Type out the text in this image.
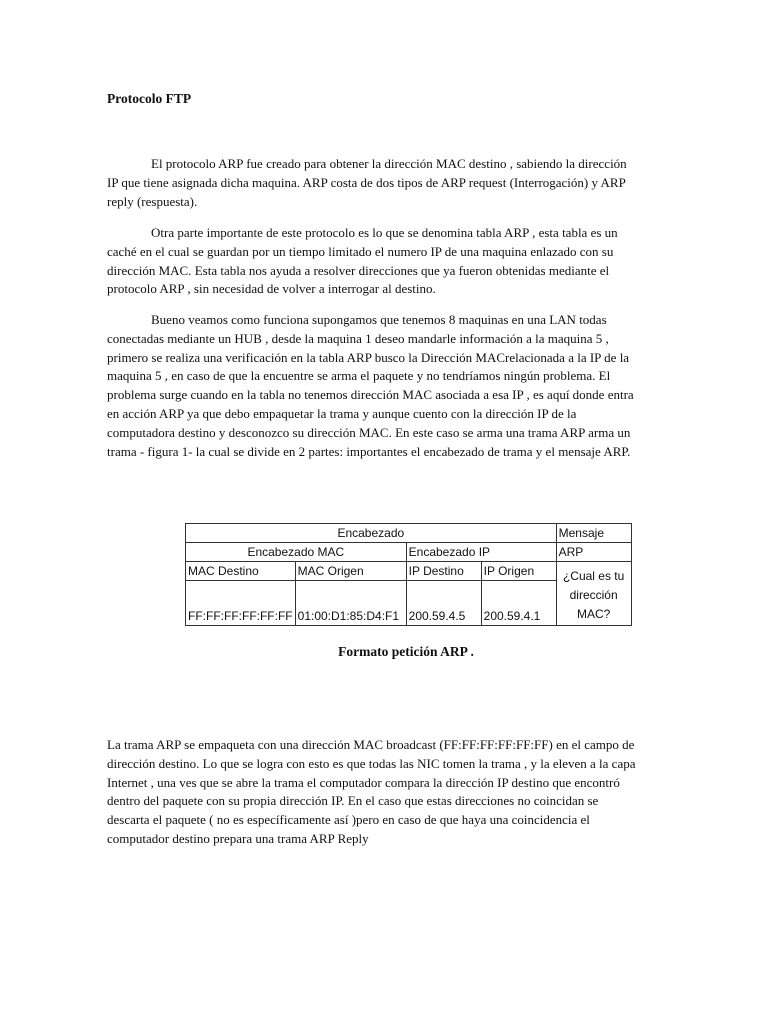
Protocolo FTP

El protocolo ARP fue creado para obtener la dirección MAC destino , sabiendo la dirección IP que tiene asignada dicha maquina. ARP costa de dos tipos de ARP request (Interrogación) y ARP reply (respuesta).

Otra parte importante de este protocolo es lo que se denomina tabla ARP , esta tabla es un caché en el cual se guardan por un tiempo limitado el numero IP de una maquina enlazado con su dirección MAC. Esta tabla nos ayuda a resolver direcciones que ya fueron obtenidas mediante el protocolo ARP , sin necesidad de volver a interrogar al destino.

Bueno veamos como funciona supongamos que tenemos 8 maquinas en una LAN todas conectadas mediante un HUB , desde la maquina 1 deseo mandarle información a la maquina 5 , primero se realiza una verificación en la tabla ARP busco la Dirección MACrelacionada a la IP de la maquina 5 , en caso de que la encuentre se arma el paquete y no tendríamos ningún problema. El problema surge cuando en la tabla no tenemos dirección MAC asociada a esa IP , es aquí donde entra en acción ARP ya que debo empaquetar la trama y aunque cuento con la dirección IP de la computadora destino y desconozco su dirección MAC. En este caso se arma una trama ARP arma un trama - figura 1- la cual se divide en 2 partes: importantes el encabezado de trama y el mensaje ARP.

Encabezado				Mensaje
Encabezado MAC		Encabezado IP		ARP
MAC Destino	MAC Origen	IP Destino	IP Origen	¿Cual es tu dirección MAC?
FF:FF:FF:FF:FF:FF	01:00:D1:85:D4:F1	200.59.4.5	200.59.4.1	

Formato petición ARP .

La trama ARP se empaqueta con una dirección MAC broadcast (FF:FF:FF:FF:FF:FF) en el campo de dirección destino. Lo que se logra con esto es que todas las NIC tomen la trama , y la eleven a la capa Internet , una ves que se abre la trama el computador compara la dirección IP destino que encontró dentro del paquete con su propia dirección IP. En el caso que estas direcciones no coincidan se descarta el paquete ( no es específicamente así )pero en caso de que haya una coincidencia el computador destino prepara una trama ARP Reply
